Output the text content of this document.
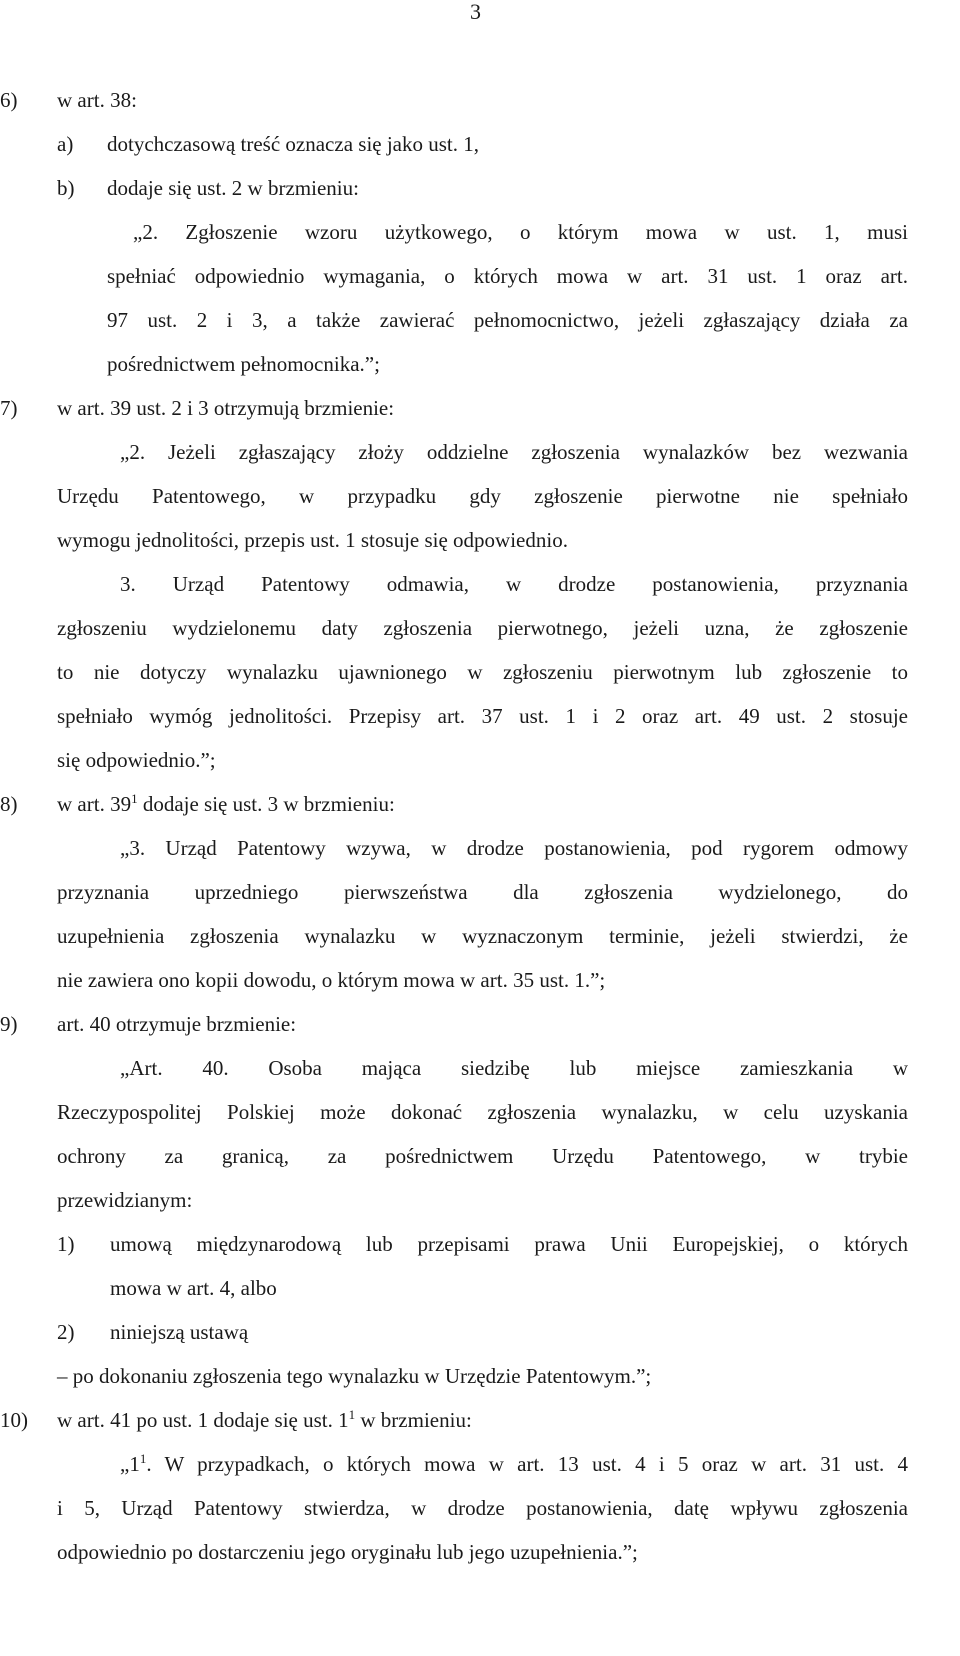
3
6) w art. 38:
a) dotychczasową treść oznacza się jako ust. 1,
b) dodaje się ust. 2 w brzmieniu:
„2. Zgłoszenie wzoru użytkowego, o którym mowa w ust. 1, musi
spełniać odpowiednio wymagania, o których mowa w art. 31 ust. 1 oraz art.
97 ust. 2 i 3, a także zawierać pełnomocnictwo, jeżeli zgłaszający działa za
pośrednictwem pełnomocnika.”;
7) w art. 39 ust. 2 i 3 otrzymują brzmienie:
„2. Jeżeli zgłaszający złoży oddzielne zgłoszenia wynalazków bez wezwania
Urzędu Patentowego, w przypadku gdy zgłoszenie pierwotne nie spełniało
wymogu jednolitości, przepis ust. 1 stosuje się odpowiednio.
3. Urząd Patentowy odmawia, w drodze postanowienia, przyznania
zgłoszeniu wydzielonemu daty zgłoszenia pierwotnego, jeżeli uzna, że zgłoszenie
to nie dotyczy wynalazku ujawnionego w zgłoszeniu pierwotnym lub zgłoszenie to
spełniało wymóg jednolitości. Przepisy art. 37 ust. 1 i 2 oraz art. 49 ust. 2 stosuje
się odpowiednio.”;
8) w art. $39^1$ dodaje się ust. 3 w brzmieniu:
„3. Urząd Patentowy wzywa, w drodze postanowienia, pod rygorem odmowy
przyznania uprzedniego pierwszeństwa dla zgłoszenia wydzielonego, do
uzupełnienia zgłoszenia wynalazku w wyznaczonym terminie, jeżeli stwierdzi, że
nie zawiera ono kopii dowodu, o którym mowa w art. 35 ust. 1.”;
9) art. 40 otrzymuje brzmienie:
„Art. 40. Osoba mająca siedzibę lub miejsce zamieszkania w
Rzeczypospolitej Polskiej może dokonać zgłoszenia wynalazku, w celu uzyskania
ochrony za granicą, za pośrednictwem Urzędu Patentowego, w trybie
przewidzianym:
1) umową międzynarodową lub przepisami prawa Unii Europejskiej, o których
mowa w art. 4, albo
2) niniejszą ustawą
– po dokonaniu zgłoszenia tego wynalazku w Urzędzie Patentowym.”;
10) w art. 41 po ust. 1 dodaje się ust. $1^1$ w brzmieniu:
$„1^1$. W przypadkach, o których mowa w art. 13 ust. 4 i 5 oraz w art. 31 ust. 4
i 5, Urząd Patentowy stwierdza, w drodze postanowienia, datę wpływu zgłoszenia
odpowiednio po dostarczeniu jego oryginału lub jego uzupełnienia.”;
